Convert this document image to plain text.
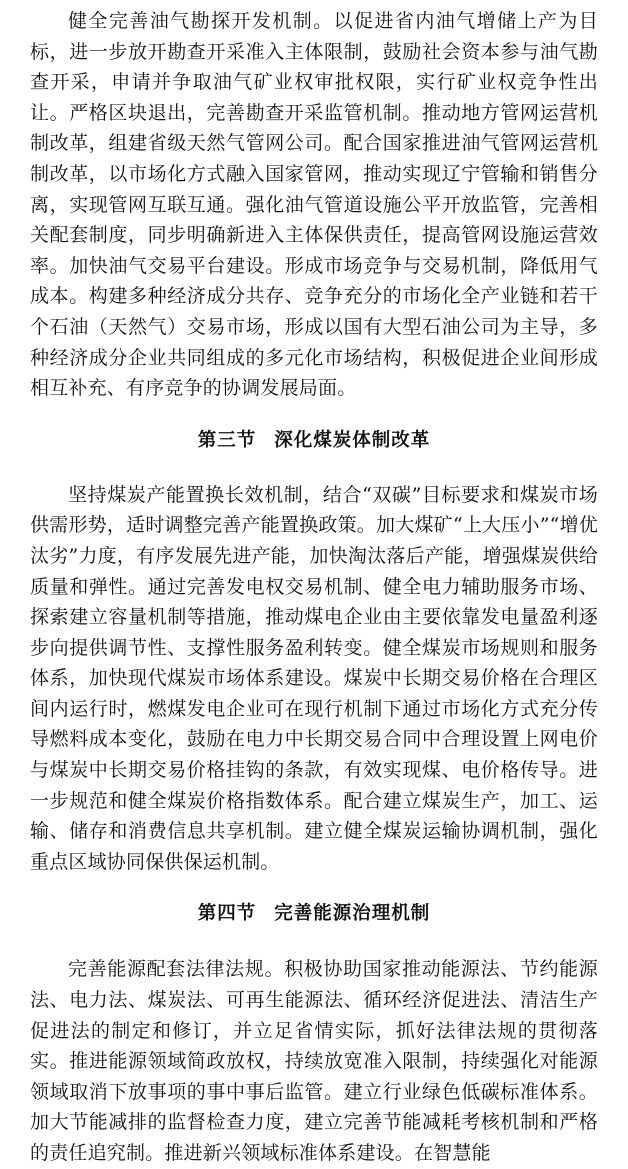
健全完善油气勘探开发机制。以促进省内油气增储上产为目标，进一步放开勘查开采准入主体限制，鼓励社会资本参与油气勘查开采，申请并争取油气矿业权审批权限，实行矿业权竞争性出让。严格区块退出，完善勘查开采监管机制。推动地方管网运营机制改革，组建省级天然气管网公司。配合国家推进油气管网运营机制改革，以市场化方式融入国家管网，推动实现辽宁管输和销售分离，实现管网互联互通。强化油气管道设施公平开放监管，完善相关配套制度，同步明确新进入主体保供责任，提高管网设施运营效率。加快油气交易平台建设。形成市场竞争与交易机制，降低用气成本。构建多种经济成分共存、竞争充分的市场化全产业链和若干个石油（天然气）交易市场，形成以国有大型石油公司为主导，多种经济成分企业共同组成的多元化市场结构，积极促进企业间形成相互补充、有序竞争的协调发展局面。

第三节 深化煤炭体制改革

坚持煤炭产能置换长效机制，结合“双碳”目标要求和煤炭市场供需形势，适时调整完善产能置换政策。加大煤矿“上大压小”“增优汰劣”力度，有序发展先进产能，加快淘汰落后产能，增强煤炭供给质量和弹性。通过完善发电权交易机制、健全电力辅助服务市场、探索建立容量机制等措施，推动煤电企业由主要依靠发电量盈利逐步向提供调节性、支撑性服务盈利转变。健全煤炭市场规则和服务体系，加快现代煤炭市场体系建设。煤炭中长期交易价格在合理区间内运行时，燃煤发电企业可在现行机制下通过市场化方式充分传导燃料成本变化，鼓励在电力中长期交易合同中合理设置上网电价与煤炭中长期交易价格挂钩的条款，有效实现煤、电价格传导。进一步规范和健全煤炭价格指数体系。配合建立煤炭生产，加工、运输、储存和消费信息共享机制。建立健全煤炭运输协调机制，强化重点区域协同保供保运机制。

第四节 完善能源治理机制

完善能源配套法律法规。积极协助国家推动能源法、节约能源法、电力法、煤炭法、可再生能源法、循环经济促进法、清洁生产促进法的制定和修订，并立足省情实际，抓好法律法规的贯彻落实。推进能源领域简政放权，持续放宽准入限制，持续强化对能源领域取消下放事项的事中事后监管。建立行业绿色低碳标准体系。加大节能减排的监督检查力度，建立完善节能减耗考核机制和严格的责任追究制。推进新兴领域标准体系建设。在智慧能
